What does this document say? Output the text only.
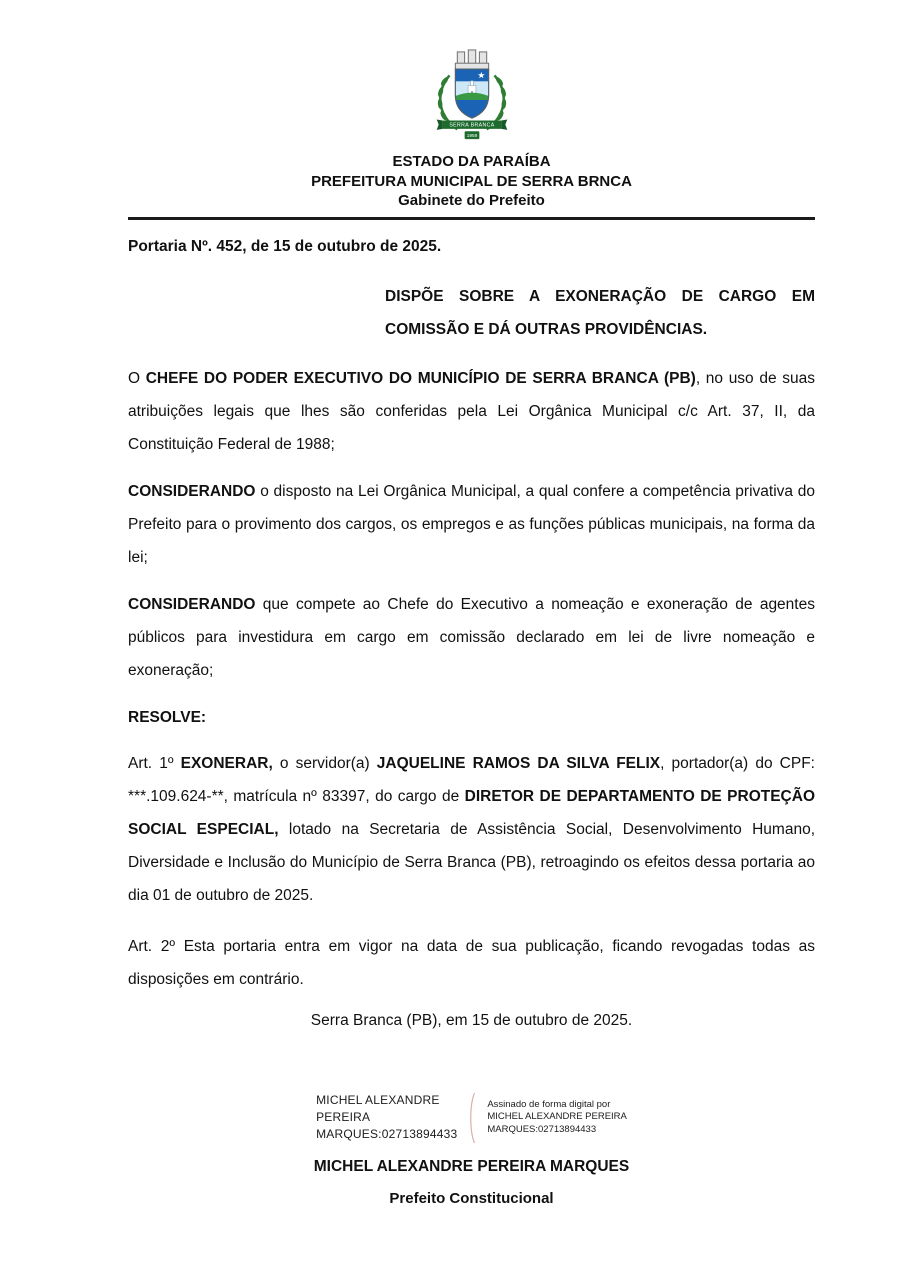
SERRA BRANCA
1959
ESTADO DA PARAÍBA
PREFEITURA MUNICIPAL DE SERRA BRNCA
Gabinete do Prefeito
Portaria Nº. 452, de 15 de outubro de 2025.
DISPÕE SOBRE A EXONERAÇÃO DE CARGO EM COMISSÃO E DÁ OUTRAS PROVIDÊNCIAS.

O CHEFE DO PODER EXECUTIVO DO MUNICÍPIO DE SERRA BRANCA (PB), no uso de suas atribuições legais que lhes são conferidas pela Lei Orgânica Municipal c/c Art. 37, II, da Constituição Federal de 1988;

CONSIDERANDO o disposto na Lei Orgânica Municipal, a qual confere a competência privativa do Prefeito para o provimento dos cargos, os empregos e as funções públicas municipais, na forma da lei;

CONSIDERANDO que compete ao Chefe do Executivo a nomeação e exoneração de agentes públicos para investidura em cargo em comissão declarado em lei de livre nomeação e exoneração;

RESOLVE:

Art. 1º EXONERAR, o servidor(a) JAQUELINE RAMOS DA SILVA FELIX, portador(a) do CPF: ***.109.624-**, matrícula nº 83397, do cargo de DIRETOR DE DEPARTAMENTO DE PROTEÇÃO SOCIAL ESPECIAL, lotado na Secretaria de Assistência Social, Desenvolvimento Humano, Diversidade e Inclusão do Município de Serra Branca (PB), retroagindo os efeitos dessa portaria ao dia 01 de outubro de 2025.

Art. 2º Esta portaria entra em vigor na data de sua publicação, ficando revogadas todas as disposições em contrário.

Serra Branca (PB), em 15 de outubro de 2025.
MICHEL ALEXANDRE
PEREIRA
MARQUES:02713894433
Assinado de forma digital por
MICHEL ALEXANDRE PEREIRA
MARQUES:02713894433
MICHEL ALEXANDRE PEREIRA MARQUES
Prefeito Constitucional
